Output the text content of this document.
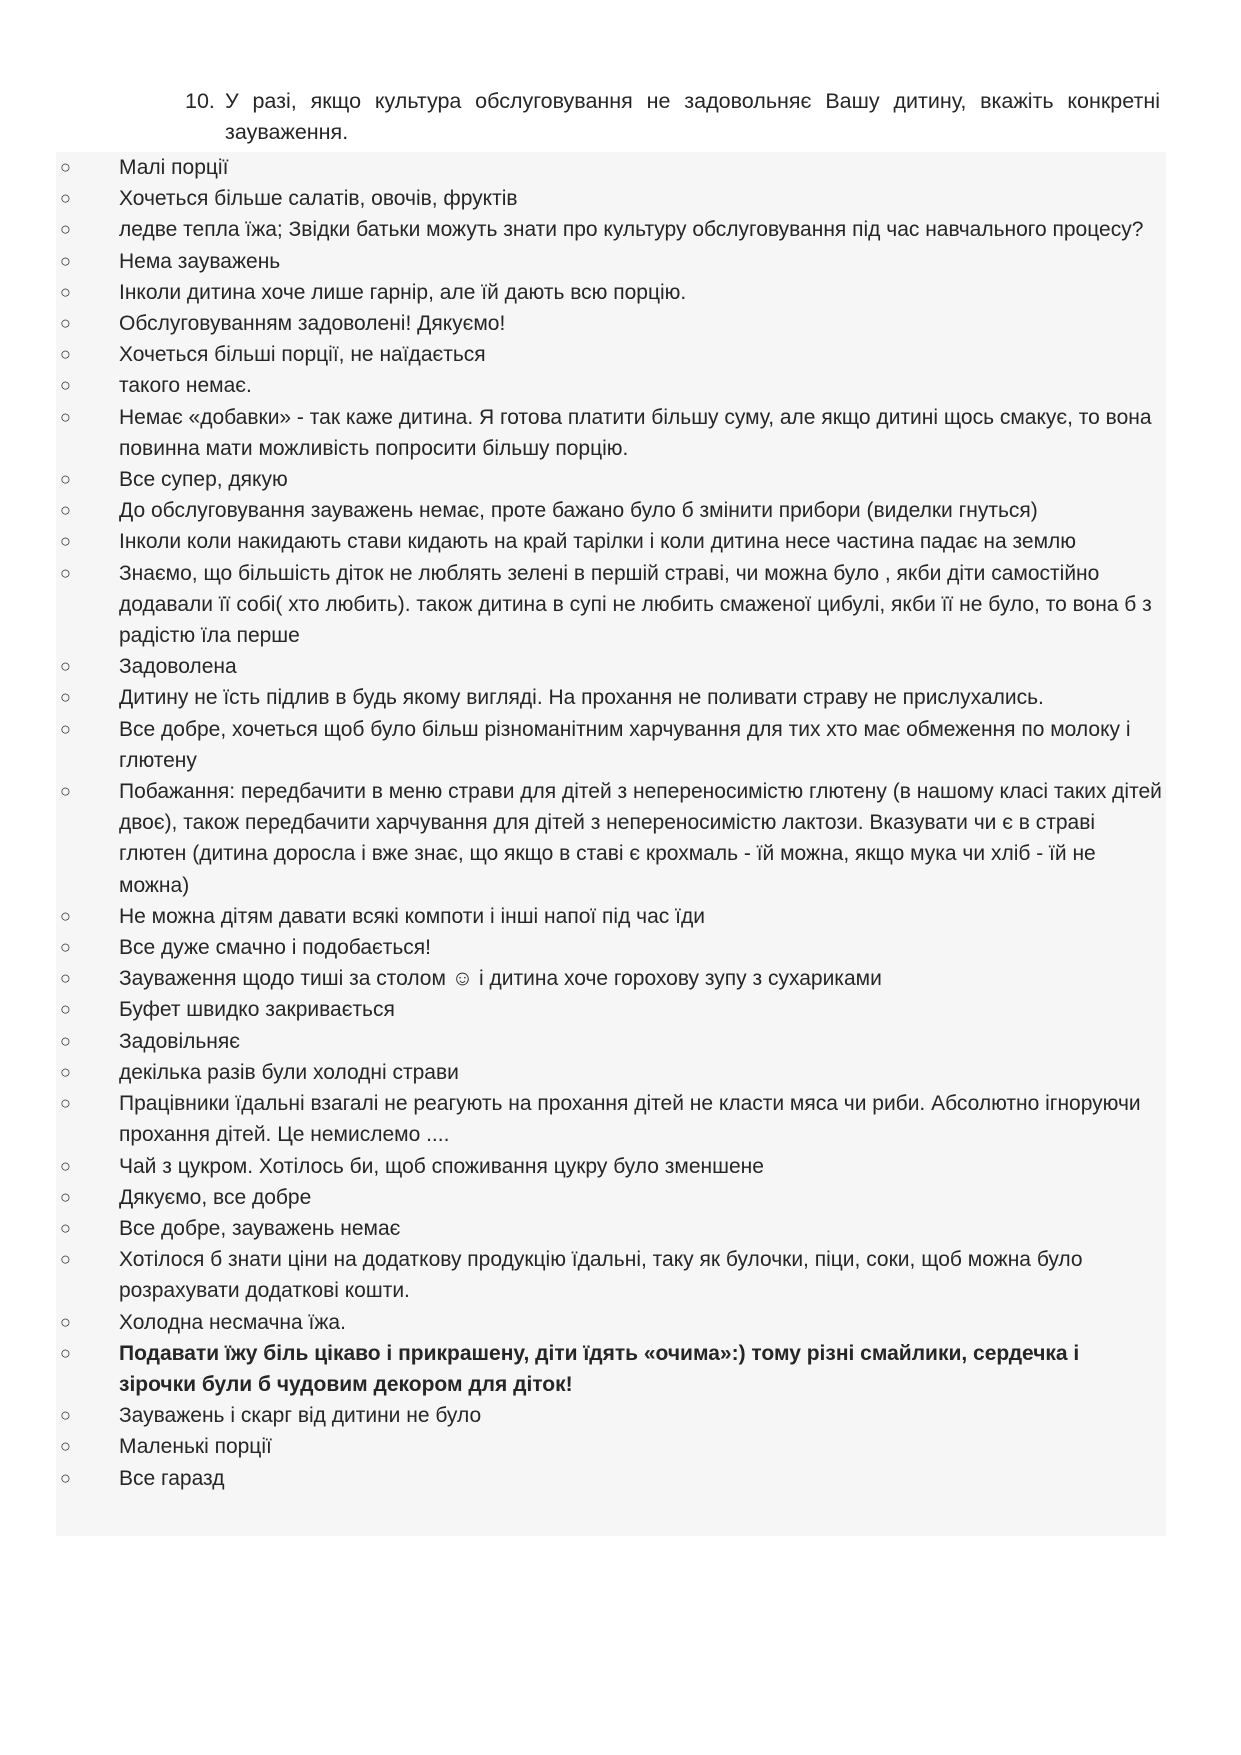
10. У разі, якщо культура обслуговування не задовольняє Вашу дитину, вкажіть конкретні зауваження.
○ Малі порції
○ Хочеться більше салатів, овочів, фруктів
○ ледве тепла їжа; Звідки батьки можуть знати про культуру обслуговування під час навчального процесу?
○ Нема зауважень
○ Інколи дитина хоче лише гарнір, але їй дають всю порцію.
○ Обслуговуванням задоволені! Дякуємо!
○ Хочеться більші порції, не наїдається
○ такого немає.
○ Немає «добавки» - так каже дитина. Я готова платити більшу суму, але якщо дитині щось смакує, то вона повинна мати можливість попросити більшу порцію.
○ Все супер, дякую
○ До обслуговування зауважень немає, проте бажано було б змінити прибори (виделки гнуться)
○ Інколи коли накидають стави кидають на край тарілки і коли дитина несе частина падає на землю
○ Знаємо, що більшість діток не люблять зелені в першій страві, чи можна було , якби діти самостійно додавали її собі( хто любить). також дитина в супі не любить смаженої цибулі, якби її не було, то вона б з радістю їла перше
○ Задоволена
○ Дитину не їсть підлив в будь якому вигляді. На прохання не поливати страву не прислухались.
○ Все добре, хочеться щоб було більш різноманітним харчування для тих хто має обмеження по молоку і глютену
○ Побажання: передбачити в меню страви для дітей з непереносимістю глютену (в нашому класі таких дітей двоє), також передбачити харчування для дітей з непереносимістю лактози. Вказувати чи є в страві глютен (дитина доросла і вже знає, що якщо в ставі є крохмаль - їй можна, якщо мука чи хліб - їй не можна)
○ Не можна дітям давати всякі компоти і інші напої під час їди
○ Все дуже смачно і подобається!
○ Зауваження щодо тиші за столом ☺ і дитина хоче горохову зупу з сухариками
○ Буфет швидко закривається
○ Задовільняє
○ декілька разів були холодні страви
○ Працівники їдальні взагалі не реагують на прохання дітей не класти мяса чи риби. Абсолютно ігноруючи прохання дітей. Це немислемо ....
○ Чай з цукром. Хотілось би, щоб споживання цукру було зменшене
○ Дякуємо, все добре
○ Все добре, зауважень немає
○ Хотілося б знати ціни на додаткову продукцію їдальні, таку як булочки, піци, соки, щоб можна було розрахувати додаткові кошти.
○ Холодна несмачна їжа.
○ Подавати їжу біль цікаво і прикрашену, діти їдять «очима»:) тому різні смайлики, сердечка і зірочки були б чудовим декором для діток!
○ Зауважень і скарг від дитини не було
○ Маленькі порції
○ Все гаразд
